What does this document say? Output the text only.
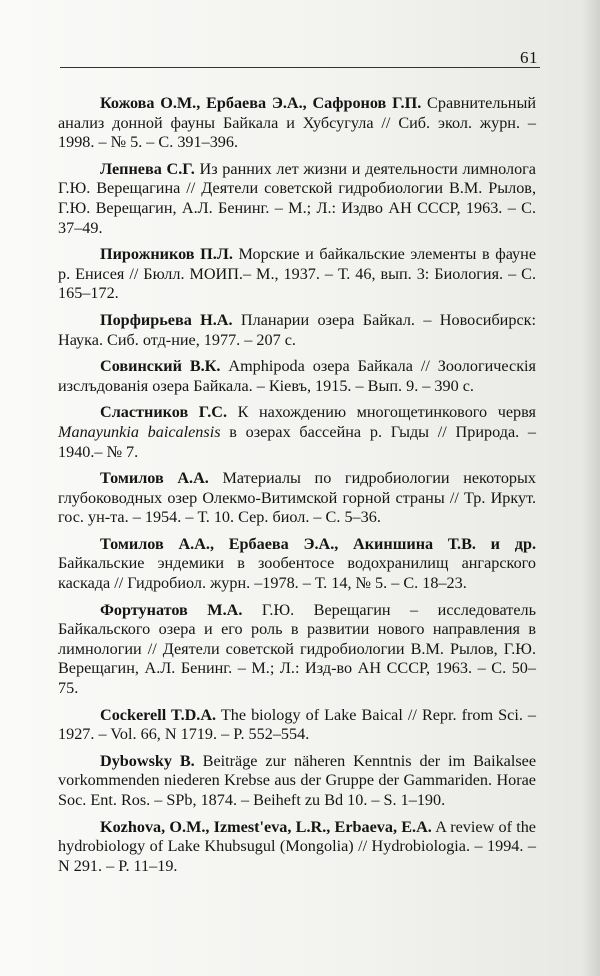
61

Кожова О.М., Ербаева Э.А., Сафронов Г.П. Сравнительный анализ донной фауны Байкала и Хубсугула // Сиб. экол. журн. – 1998. – № 5. – С. 391–396.

Лепнева С.Г. Из ранних лет жизни и деятельности лимнолога Г.Ю. Верещагина // Деятели советской гидробиологии В.М. Рылов, Г.Ю. Верещагин, А.Л. Бенинг. – М.; Л.: Издво АН СССР, 1963. – С. 37–49.

Пирожников П.Л. Морские и байкальские элементы в фауне р. Енисея // Бюлл. МОИП.– М., 1937. – Т. 46, вып. 3: Биология. – С. 165–172.

Порфирьева Н.А. Планарии озера Байкал. – Новосибирск: Наука. Сиб. отд-ние, 1977. – 207 с.

Совинский В.К. Amphipoda озера Байкала // Зоологическія изслъдованія озера Байкала. – Кіевъ, 1915. – Вып. 9. – 390 с.

Сластников Г.С. К нахождению многощетинкового червя Manayunkia baicalensis в озерах бассейна р. Гыды // Природа. – 1940.– № 7.

Томилов А.А. Материалы по гидробиологии некоторых глубоководных озер Олекмо-Витимской горной страны // Тр. Иркут. гос. ун-та. – 1954. – Т. 10. Сер. биол. – С. 5–36.

Томилов А.А., Ербаева Э.А., Акиншина Т.В. и др. Байкальские эндемики в зообентосе водохранилищ ангарского каскада // Гидробиол. журн. –1978. – Т. 14, № 5. – С. 18–23.

Фортунатов М.А. Г.Ю. Верещагин – исследователь Байкальского озера и его роль в развитии нового направления в лимнологии // Деятели советской гидробиологии В.М. Рылов, Г.Ю. Верещагин, А.Л. Бенинг. – М.; Л.: Изд-во АН СССР, 1963. – С. 50–75.

Cockerell T.D.A. The biology of Lake Baical // Repr. from Sci. – 1927. – Vol. 66, N 1719. – P. 552–554.

Dybowsky B. Beiträge zur näheren Kenntnis der im Baikalsee vorkommenden niederen Krebse aus der Gruppe der Gammariden. Horae Soc. Ent. Ros. – SPb, 1874. – Beiheft zu Bd 10. – S. 1–190.

Kozhova, O.M., Izmest'eva, L.R., Erbaeva, E.A. A review of the hydrobiology of Lake Khubsugul (Mongolia) // Hydrobiologia. – 1994. – N 291. – P. 11–19.
